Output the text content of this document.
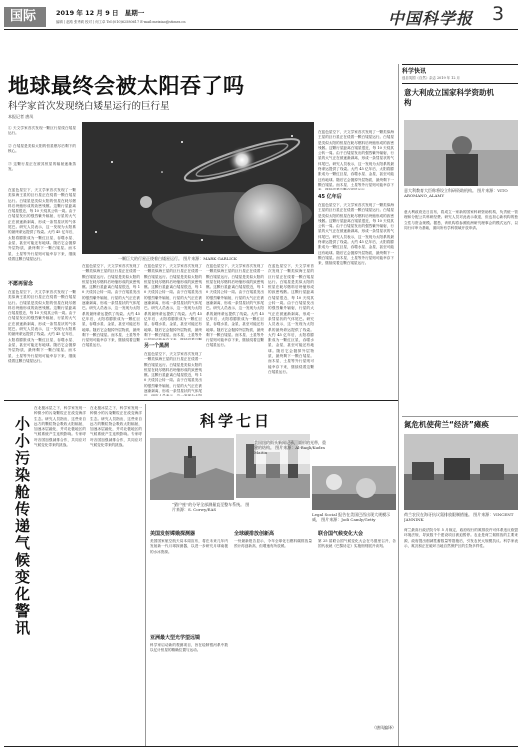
国际	2019 年 12 月 9 日 星期一
编辑 | 赵路 张秀莉 校对 | 何工卓 Tel:(010)62580617 E-mail:meixiao@stimes.cn	中国科学报 3
地球最终会被太阳吞了吗
科学家首次发现绕白矮星运行的巨行星
本报记者 唐凤
① 天文学家首次发现一颗巨行星绕白矮星运行。
② 白矮星是类似太阳的恒星燃尽后剩下的核心。
③ 这颗行星正在被其恒星的辐射逐渐蒸发。
在蓝色星空下，天文学家首次发现了一颗类似海王星的巨行星正在绕着一颗白矮星运行。白矮星是类似太阳的恒星在耗尽燃料后坍缩形成的致密残骸。这颗行星距离白矮星很近，每 10 天绕其公转一周。由于白矮星发出的强烈紫外辐射，行星的大气正在被逐渐剥离，形成一条彗星状的气体尾巴。研究人员表示，这一发现为太阳系的最终命运提供了线索。大约 45 亿年后，太阳将膨胀成为一颗红巨星，吞噬水星、金星，甚至可能还有地球。随后它会抛掉外层物质，最终剩下一颗白矮星。而木星、土星等外行星则可能幸存下来，继续绕着这颗白矮星运行。
不愿再留念
在蓝色星空下，天文学家首次发现了一颗类似海王星的巨行星正在绕着一颗白矮星运行。白矮星是类似太阳的恒星在耗尽燃料后坍缩形成的致密残骸。这颗行星距离白矮星很近，每 10 天绕其公转一周。由于白矮星发出的强烈紫外辐射，行星的大气正在被逐渐剥离，形成一条彗星状的气体尾巴。研究人员表示，这一发现为太阳系的最终命运提供了线索。大约 45 亿年后，太阳将膨胀成为一颗红巨星，吞噬水星、金星，甚至可能还有地球。随后它会抛掉外层物质，最终剩下一颗白矮星。而木星、土星等外行星则可能幸存下来，继续绕着这颗白矮星运行。
一颗巨大的行星正绕着白矮星运行。 图片来源：MARK GARLICK
在蓝色星空下，天文学家首次发现了一颗类似海王星的巨行星正在绕着一颗白矮星运行。白矮星是类似太阳的恒星在耗尽燃料后坍缩形成的致密残骸。这颗行星距离白矮星很近，每 10 天绕其公转一周。由于白矮星发出的强烈紫外辐射，行星的大气正在被逐渐剥离，形成一条彗星状的气体尾巴。研究人员表示，这一发现为太阳系的最终命运提供了线索。大约 45 亿年后，太阳将膨胀成为一颗红巨星，吞噬水星、金星，甚至可能还有地球。随后它会抛掉外层物质，最终剩下一颗白矮星。而木星、土星等外行星则可能幸存下来，继续绕着这颗白矮星运行。
在蓝色星空下，天文学家首次发现了一颗类似海王星的巨行星正在绕着一颗白矮星运行。白矮星是类似太阳的恒星在耗尽燃料后坍缩形成的致密残骸。这颗行星距离白矮星很近，每 10 天绕其公转一周。由于白矮星发出的强烈紫外辐射，行星的大气正在被逐渐剥离，形成一条彗星状的气体尾巴。研究人员表示，这一发现为太阳系的最终命运提供了线索。大约 45 亿年后，太阳将膨胀成为一颗红巨星，吞噬水星、金星，甚至可能还有地球。随后它会抛掉外层物质，最终剩下一颗白矮星。而木星、土星等外
另一个黑洞
在蓝色星空下，天文学家首次发现了一颗类似海王星的巨行星正在绕着一颗白矮星运行。白矮星是类似太阳的恒星在耗尽燃料后坍缩形成的致密残骸。这颗行星距离白矮星很近，每 10 天绕其公转一周。由于白矮星发出的强烈紫外辐射，行星的大气正在被逐渐剥离，形成一条彗星状的气体尾
在蓝色星空下，天文学家首次发现了一颗类似海王星的巨行星正在绕着一颗白矮星运行。白矮星是类似太阳的恒星在耗尽燃料后坍缩形成的致密残骸。这颗行星距离白矮星很近，每 10 天绕其公转一周。由于白矮星发出的强烈紫外辐射，行星的大气正在被逐渐剥离，形成一条彗星状的气体尾巴。研究人员表示，这一发现为太阳系的最终命运提供了线索。大约 45 亿年后，太阳将膨胀成为一颗红巨星，吞噬水星、金星，甚至可能还有地球。随后它会抛掉外层物质，最终剩下一颗白矮星。而木星、土星等外行星则可能幸存下来，继续绕着这颗白矮星运行。
在蓝色星空下，天文学家首次发现了一颗类似海王星的巨行星正在绕着一颗白矮星运行。白矮星是类似太阳的恒星在耗尽燃料后坍缩形成的致密残骸。这颗行星距离白矮星很近，每 10 天绕其公转一周。由于白矮星发出的强烈紫外辐射，行星的大气正在被逐渐剥离，形成一条彗星状的气体尾巴。研究人员表示，这一发现为太阳系的最终命运提供了线索。大约 45 亿年后，太阳将膨胀成为一颗红巨星，吞噬水星、金星，甚至可能还有地球。随后它会抛掉外层物质，最终剩下一颗白矮星。而木星、土星等外行星则可能幸存下来，继续绕着这颗白矮星运行。
在蓝色星空下，天文学家首次发现了一颗类似海王星的巨行星正在绕着一颗白矮星运行。白矮星是类似太阳的恒星在耗尽燃料后坍缩形成的致密残骸。这颗行星距离白矮星很近，每 10 天绕其公转一周。由于白矮星发出的强烈紫外辐射，行星的大气正在被逐渐剥离，形成一条彗星状的气体尾巴。研究人员表示，这一发现为太阳系的最终命运提供了线索。大约 45 亿年后，太阳将膨胀成为一颗红巨星，吞噬水星、金星，甚至可能还有地球。随后它会抛掉外层物质，最终剩下一颗白矮星。而木星、土星等外行星则可能幸存下
45 亿年后
在蓝色星空下，天文学家首次发现了一颗类似海王星的巨行星正在绕着一颗白矮星运行。白矮星是类似太阳的恒星在耗尽燃料后坍缩形成的致密残骸。这颗行星距离白矮星很近，每 10 天绕其公转一周。由于白矮星发出的强烈紫外辐射，行星的大气正在被逐渐剥离，形成一条彗星状的气体尾巴。研究人员表示，这一发现为太阳系的最终命运提供了线索。大约 45 亿年后，太阳将膨胀成为一颗红巨星，吞噬水星、金星，甚至可能还有地球。随后它会抛掉外层物质，最终剩下一颗白矮星。而木星、土星等外行星则可能幸存下来，继续绕着这颗白矮星运行。
小小污染舱传递气候变化警讯
在北极冰层之下，科学家发现一种微小的污染颗粒正在改变海洋生态。研究人员指出，这些来自远方的颗粒物会吸收太阳辐射，加速冰层融化，并对北极地区的气候系统产生连锁影响。专家呼吁各国加强减排合作，共同应对气候变化带来的挑战。
在北极冰层之下，科学家发现一种微小的污染颗粒正在改变海洋生态。研究人员指出，这些来自远方的颗粒物会吸收太阳辐射，加速冰层融化，并对北极地区的气候系统产生连锁影响。专家呼吁各国加强减排合作，共同应对气候变化带来的挑战。
科学七日
“猎户座”的分导全部测量直至整车系统。 图片来源：S. Corwy/EAS
美国纽约街头新闻记录，圆形的光带，重建的结构。 图片来源：Al-Baqli/Kudra Maitin
Legal Social 报告在美国巴西出现大规模示威， 图片来源：Jodi Camly/Getty
美国发射嫦娥探测器
美国国家航空航天局本周宣布，将在未来几年内发射新一代月球探测器，以进一步研究月球南极的水冰资源。
亚洲最大型光学望远镜
科学家启动新的观测项目，旨在绘制银河系中数以亿计恒星的精确位置与运动。
全球碳排放创新高
一份最新报告显示，今年全球化石燃料碳排放量预计再创新高，但增速有所放缓。
联合国气候变化大会
第 25 届联合国气候变化大会在马德里召开，各国代表就《巴黎协定》实施细则展开谈判。
（唐凤编译）
科学快讯
选自英国《自然》杂志 2019 年 12 月
意大利成立国家科学资助机构
意大利教育大臣称将设立科研资助机构。 图片来源：VITO AROMANO_ALAMY
意大利政府近日宣布，将成立一家新的国家科研资助机构，负责统一管理和分配公共科研经费。研究人员对此表示欢迎，但也担心新机构的独立性与资金规模。据悉，该机构将参照欧洲研究理事会的模式运作，以同行评审为基础，面向所有学科领域开放申请。
氮危机使荷兰“经济”瘫痪
荷兰农民在海牙抗议氮排放限制措施。 图片来源：VINCENT JANNINK
荷兰最高行政法院今年 5 月裁定，政府现行的氮排放许可体系违反欧盟环境法规，导致数千个建设项目被迫暂停。农业是荷兰氮排放的主要来源，政府提出削减牲畜数量等措施后，引发农民大规模抗议。科学家表示，氮沉积正在破坏当地自然保护区的生物多样性。
